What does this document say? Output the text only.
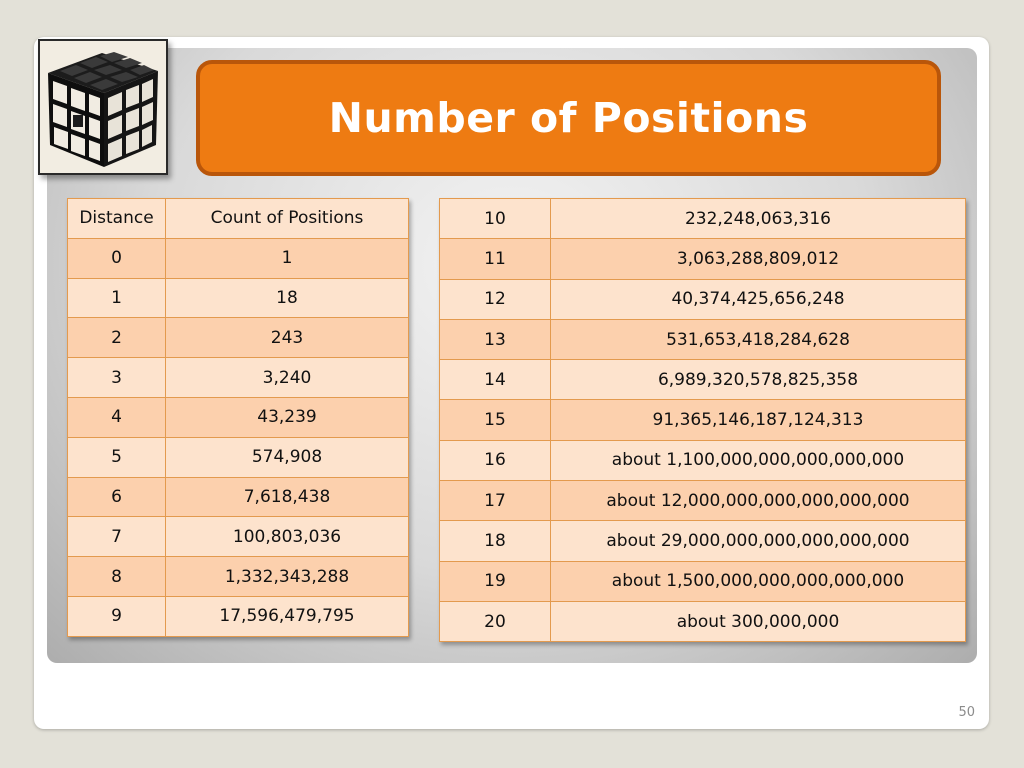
Number of Positions
Distance	Count of Positions
0	1
1	18
2	243
3	3,240
4	43,239
5	574,908
6	7,618,438
7	100,803,036
8	1,332,343,288
9	17,596,479,795
10	232,248,063,316
11	3,063,288,809,012
12	40,374,425,656,248
13	531,653,418,284,628
14	6,989,320,578,825,358
15	91,365,146,187,124,313
16	about 1,100,000,000,000,000,000
17	about 12,000,000,000,000,000,000
18	about 29,000,000,000,000,000,000
19	about 1,500,000,000,000,000,000
20	about 300,000,000
50
